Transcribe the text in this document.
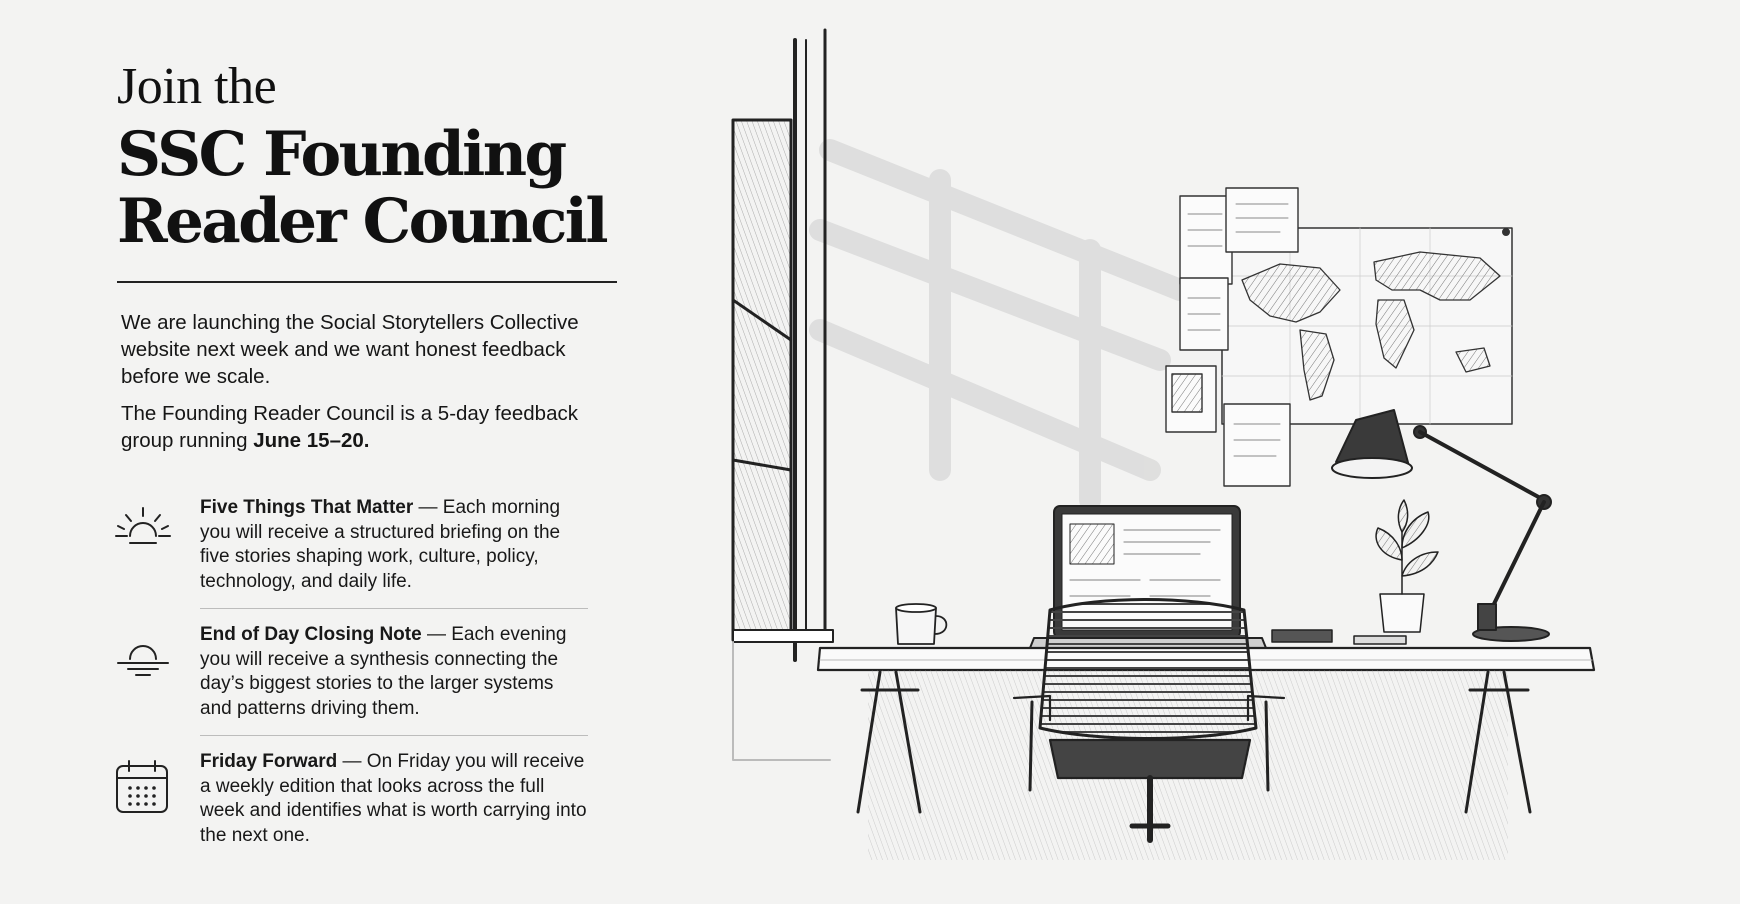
Join the
SSC Founding
Reader Council

We are launching the Social Storytellers Collective website next week and we want honest feedback before we scale.

The Founding Reader Council is a 5-day feedback group running June 15–20.

Five Things That Matter — Each morning you will receive a structured briefing on the five stories shaping work, culture, policy, technology, and daily life.
End of Day Closing Note — Each evening you will receive a synthesis connecting the day’s biggest stories to the larger systems and patterns driving them.
Friday Forward — On Friday you will receive a weekly edition that looks across the full week and identifies what is worth carrying into the next one.
